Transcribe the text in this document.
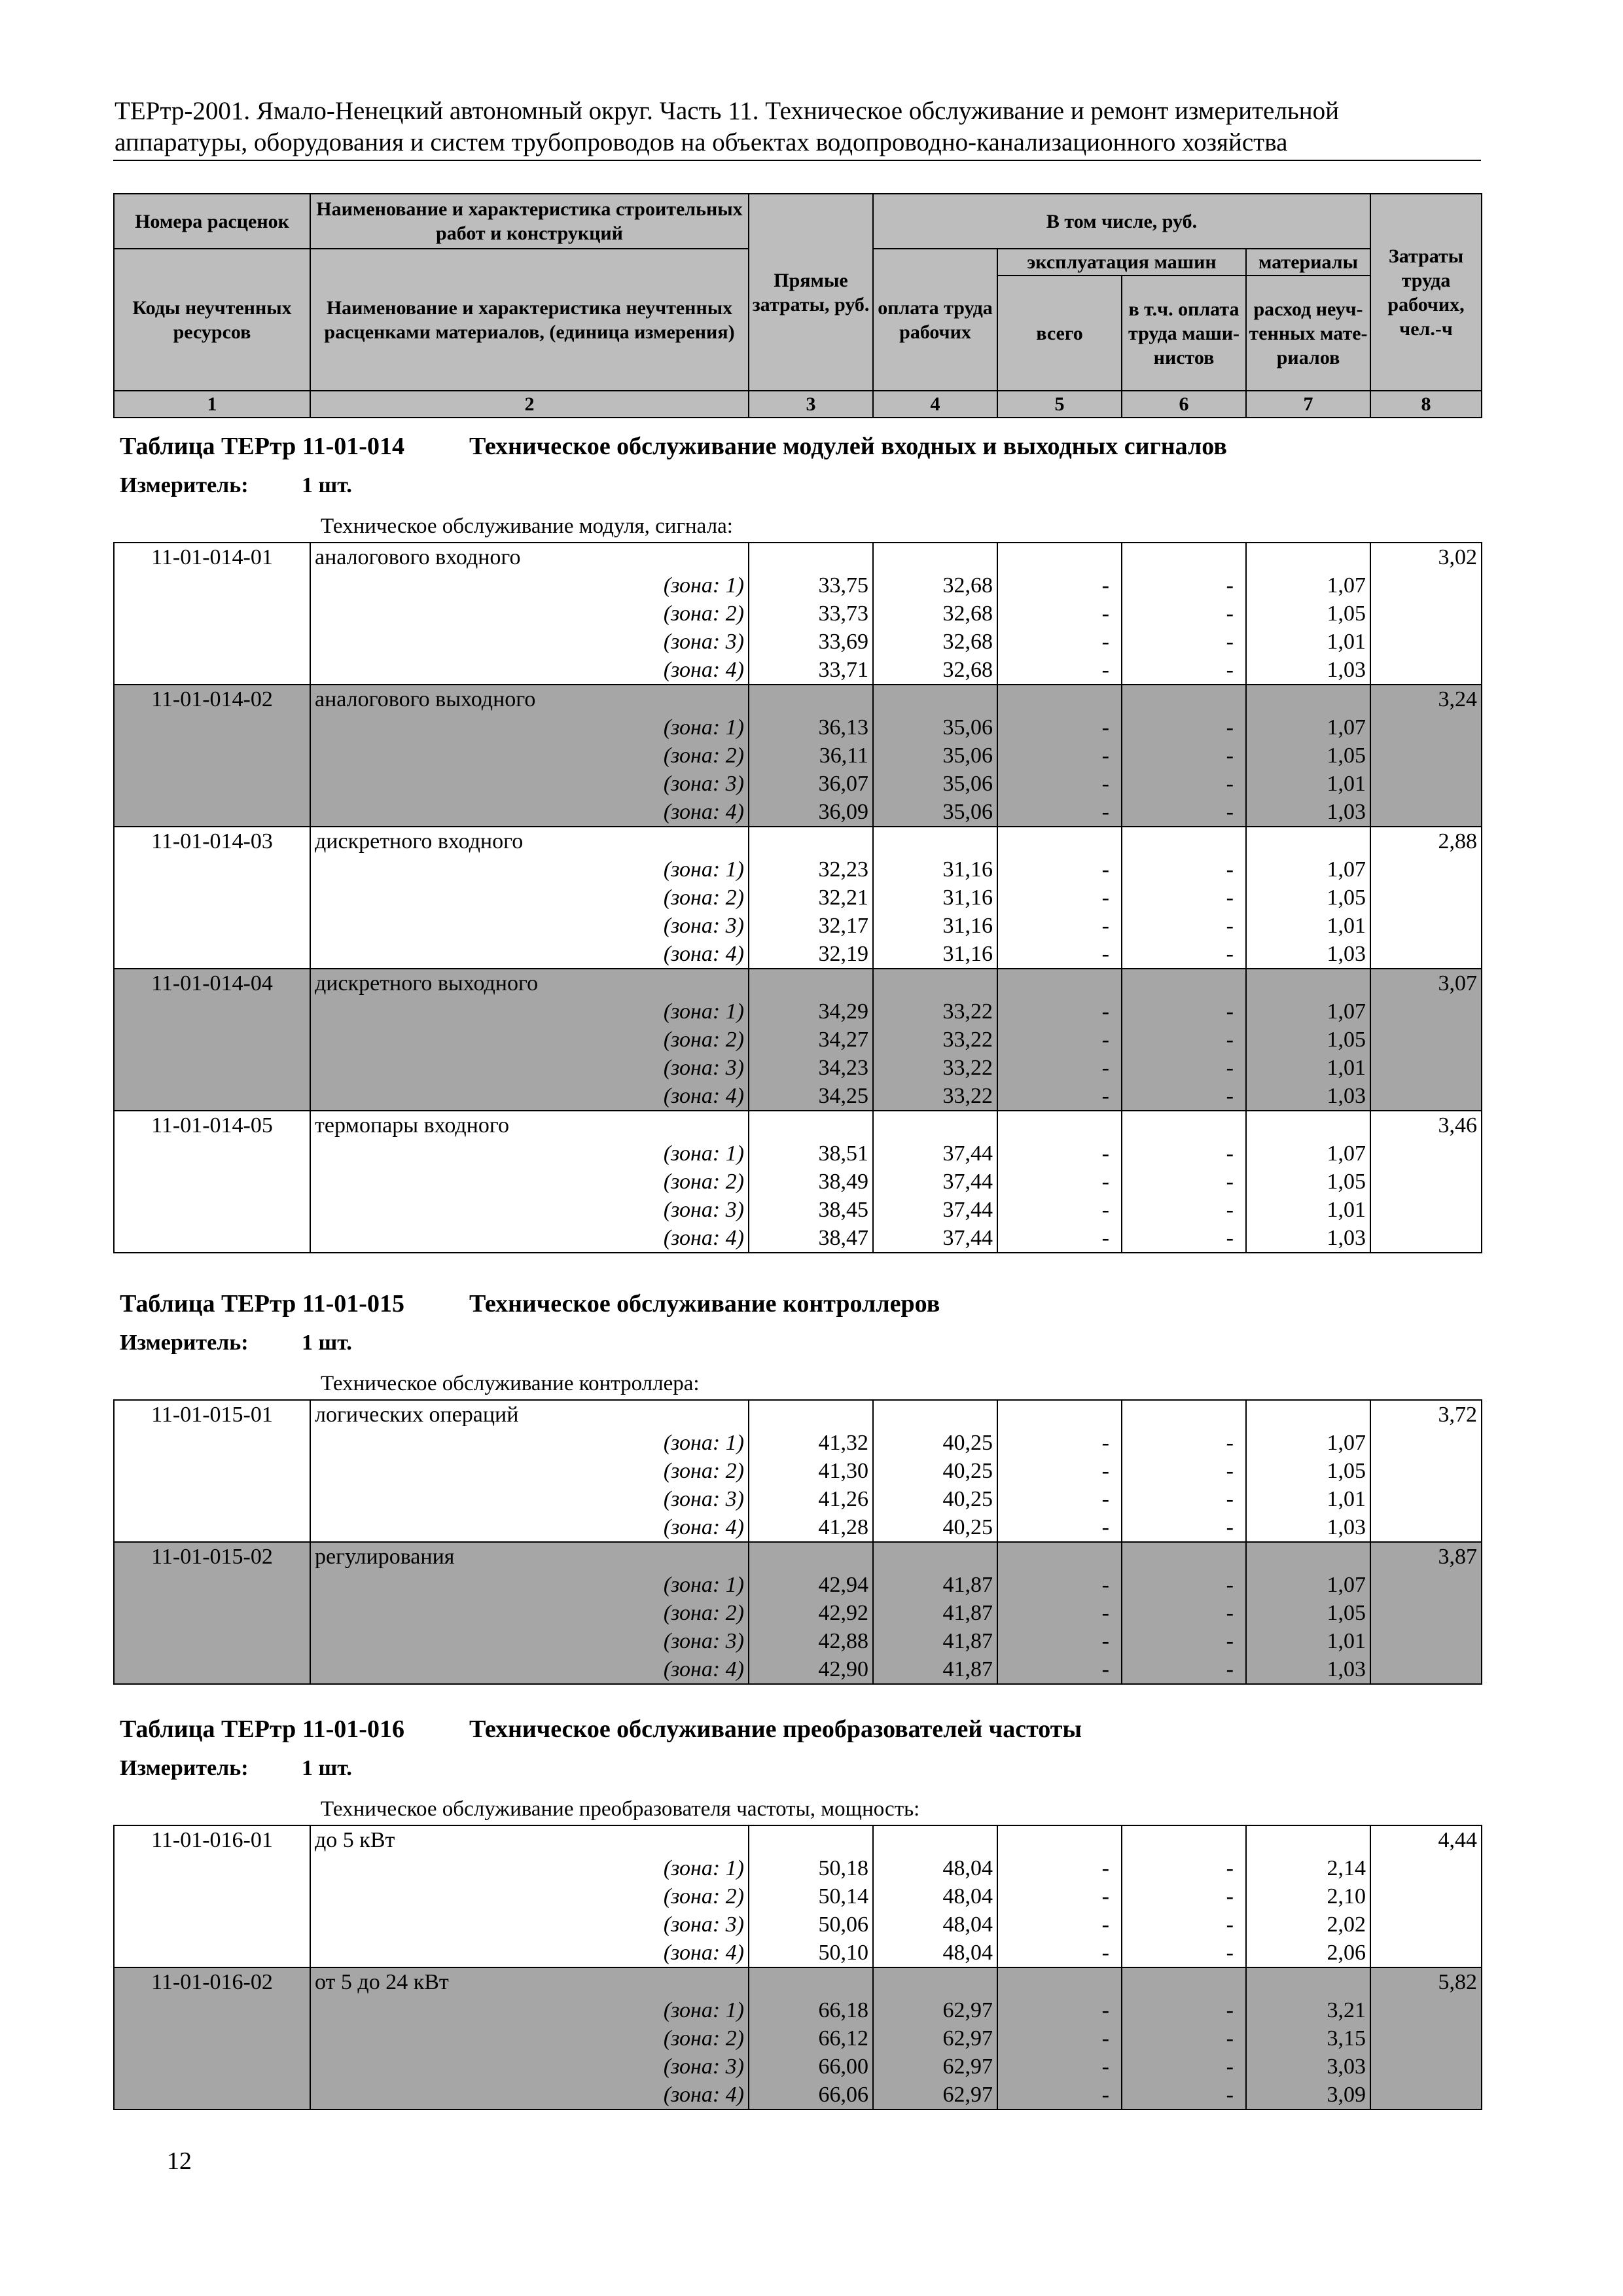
ТЕРтр-2001. Ямало-Ненецкий автономный округ. Часть 11. Техническое обслуживание и ремонт измерительной
аппаратуры, оборудования и систем трубопроводов на объектах водопроводно-канализационного хозяйства
Номера расценок	Наименование и характеристика строительных работ и конструкций	Прямые затраты, руб.	В том числе, руб.				Затраты труда рабочих, чел.-ч

Коды неучтенных ресурсов	Наименование и характеристика неучтенных расценками материалов, (единица измерения)		оплата труда рабочих	эксплуатация машин		материалы	
				всего	в т.ч. оплата труда маши-нистов	расход неуч-тенных мате-риалов	
1	2	3	4	5	6	7	8
Таблица ТЕРтр 11-01-014	Техническое обслуживание модулей входных и выходных сигналов
Измеритель: 1 шт.
Техническое обслуживание модуля, сигнала:
11-01-014-01	аналогового входного						3,02
	(зона: 1)	33,75	32,68	-	-	1,07	
	(зона: 2)	33,73	32,68	-	-	1,05	
	(зона: 3)	33,69	32,68	-	-	1,01	
	(зона: 4)	33,71	32,68	-	-	1,03	
11-01-014-02	аналогового выходного						3,24
	(зона: 1)	36,13	35,06	-	-	1,07	
	(зона: 2)	36,11	35,06	-	-	1,05	
	(зона: 3)	36,07	35,06	-	-	1,01	
	(зона: 4)	36,09	35,06	-	-	1,03	
11-01-014-03	дискретного входного						2,88
	(зона: 1)	32,23	31,16	-	-	1,07	
	(зона: 2)	32,21	31,16	-	-	1,05	
	(зона: 3)	32,17	31,16	-	-	1,01	
	(зона: 4)	32,19	31,16	-	-	1,03	
11-01-014-04	дискретного выходного						3,07
	(зона: 1)	34,29	33,22	-	-	1,07	
	(зона: 2)	34,27	33,22	-	-	1,05	
	(зона: 3)	34,23	33,22	-	-	1,01	
	(зона: 4)	34,25	33,22	-	-	1,03	
11-01-014-05	термопары входного						3,46
	(зона: 1)	38,51	37,44	-	-	1,07	
	(зона: 2)	38,49	37,44	-	-	1,05	
	(зона: 3)	38,45	37,44	-	-	1,01	
	(зона: 4)	38,47	37,44	-	-	1,03	
Таблица ТЕРтр 11-01-015	Техническое обслуживание контроллеров
Измеритель: 1 шт.
Техническое обслуживание контроллера:
11-01-015-01	логических операций						3,72
	(зона: 1)	41,32	40,25	-	-	1,07	
	(зона: 2)	41,30	40,25	-	-	1,05	
	(зона: 3)	41,26	40,25	-	-	1,01	
	(зона: 4)	41,28	40,25	-	-	1,03	
11-01-015-02	регулирования						3,87
	(зона: 1)	42,94	41,87	-	-	1,07	
	(зона: 2)	42,92	41,87	-	-	1,05	
	(зона: 3)	42,88	41,87	-	-	1,01	
	(зона: 4)	42,90	41,87	-	-	1,03	
Таблица ТЕРтр 11-01-016	Техническое обслуживание преобразователей частоты
Измеритель: 1 шт.
Техническое обслуживание преобразователя частоты, мощность:
11-01-016-01	до 5 кВт						4,44
	(зона: 1)	50,18	48,04	-	-	2,14	
	(зона: 2)	50,14	48,04	-	-	2,10	
	(зона: 3)	50,06	48,04	-	-	2,02	
	(зона: 4)	50,10	48,04	-	-	2,06	
11-01-016-02	от 5 до 24 кВт						5,82
	(зона: 1)	66,18	62,97	-	-	3,21	
	(зона: 2)	66,12	62,97	-	-	3,15	
	(зона: 3)	66,00	62,97	-	-	3,03	
	(зона: 4)	66,06	62,97	-	-	3,09	
12
